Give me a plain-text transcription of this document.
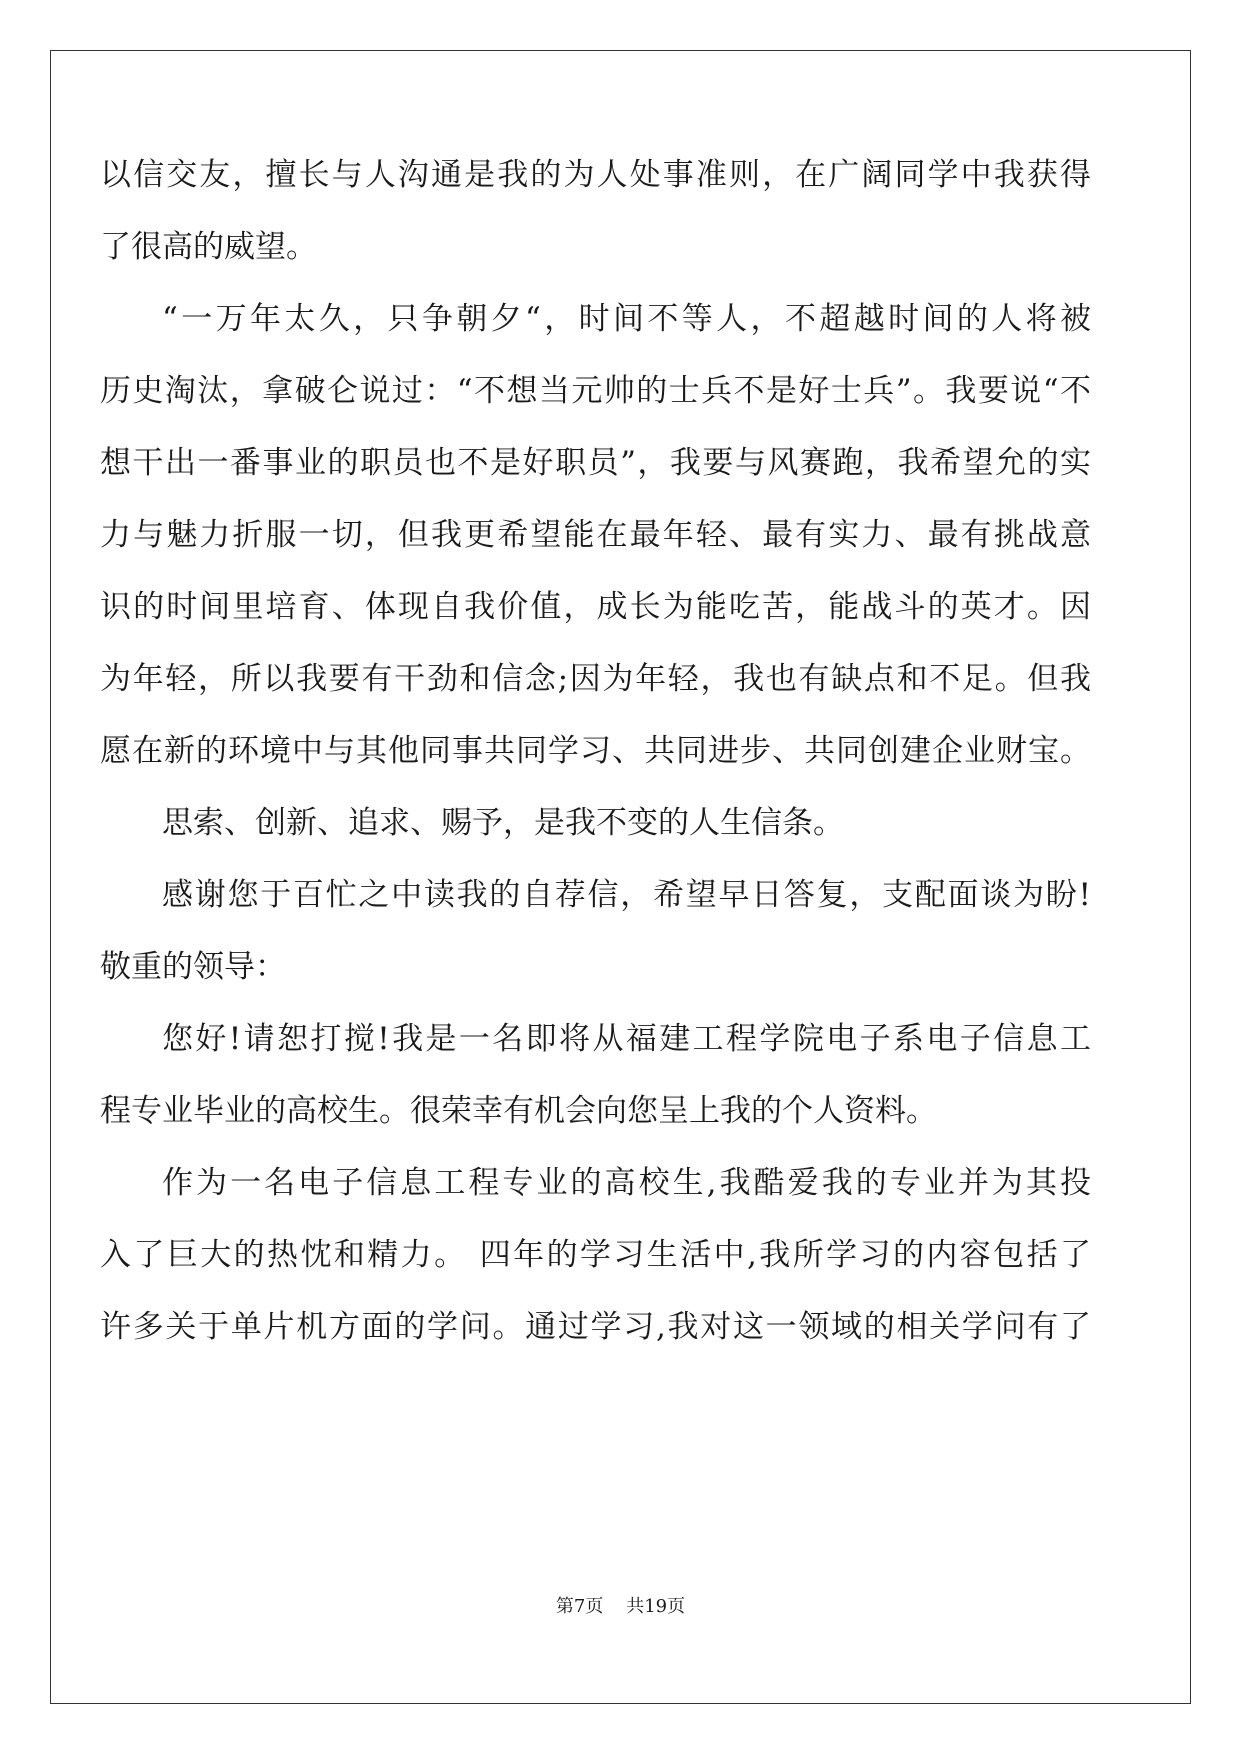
以信交友，擅长与人沟通是我的为人处事准则，在广阔同学中我获得
了很高的威望。
“一万年太久，只争朝夕“，时间不等人，不超越时间的人将被
历史淘汰，拿破仑说过：“不想当元帅的士兵不是好士兵”。我要说“不
想干出一番事业的职员也不是好职员”，我要与风赛跑，我希望允的实
力与魅力折服一切，但我更希望能在最年轻、最有实力、最有挑战意
识的时间里培育、体现自我价值，成长为能吃苦，能战斗的英才。因
为年轻，所以我要有干劲和信念;因为年轻，我也有缺点和不足。但我
愿在新的环境中与其他同事共同学习、共同进步、共同创建企业财宝。
思索、创新、追求、赐予，是我不变的人生信条。
感谢您于百忙之中读我的自荐信，希望早日答复，支配面谈为盼!
敬重的领导：
您好!请恕打搅!我是一名即将从福建工程学院电子系电子信息工
程专业毕业的高校生。很荣幸有机会向您呈上我的个人资料。
作为一名电子信息工程专业的高校生,我酷爱我的专业并为其投
入了巨大的热忱和精力。 四年的学习生活中,我所学习的内容包括了
许多关于单片机方面的学问。通过学习,我对这一领域的相关学问有了
第7页 共19页
